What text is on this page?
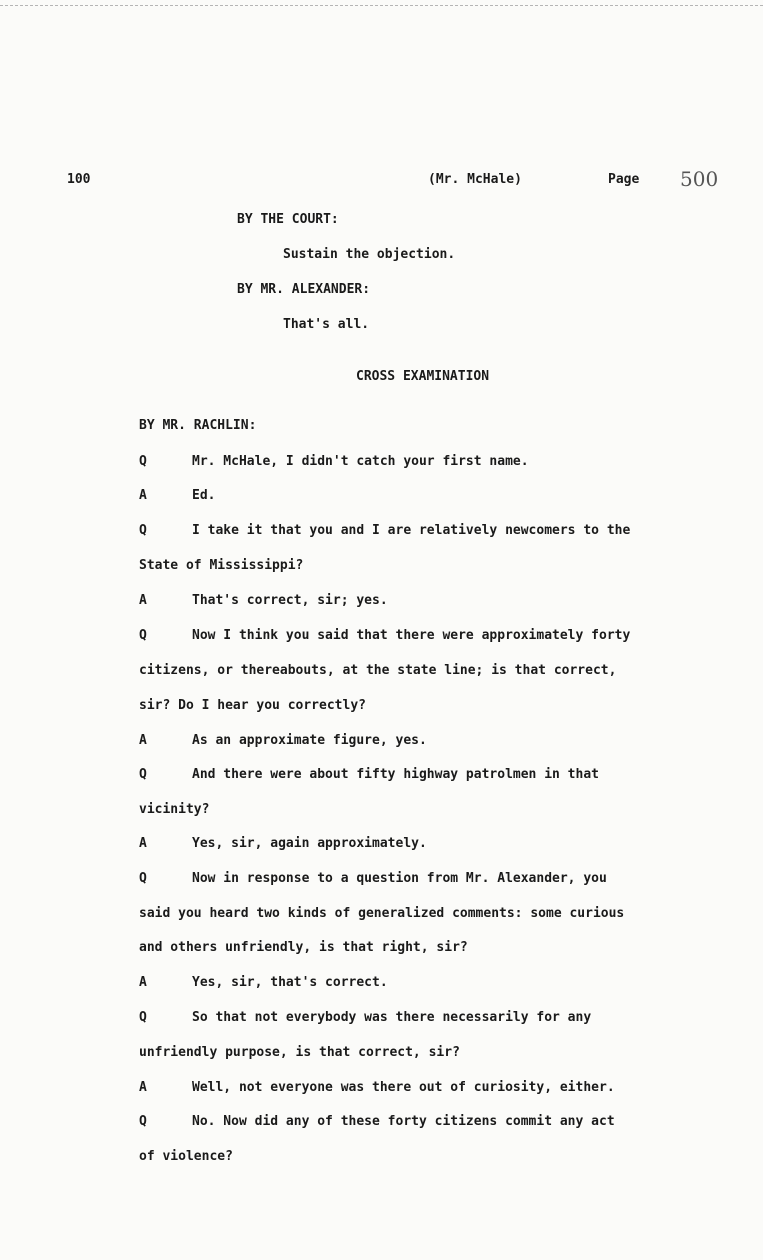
100	(Mr. McHale)	Page 500
BY THE COURT:
Sustain the objection.
BY MR. ALEXANDER:
That's all.
CROSS EXAMINATION
BY MR. RACHLIN:
Q	Mr. McHale, I didn't catch your first name.
A	Ed.
Q	I take it that you and I are relatively newcomers to the
State of Mississippi?
A	That's correct, sir; yes.
Q	Now I think you said that there were approximately forty
citizens, or thereabouts, at the state line; is that correct,
sir? Do I hear you correctly?
A	As an approximate figure, yes.
Q	And there were about fifty highway patrolmen in that
vicinity?
A	Yes, sir, again approximately.
Q	Now in response to a question from Mr. Alexander, you
said you heard two kinds of generalized comments: some curious
and others unfriendly, is that right, sir?
A	Yes, sir, that's correct.
Q	So that not everybody was there necessarily for any
unfriendly purpose, is that correct, sir?
A	Well, not everyone was there out of curiosity, either.
Q	No. Now did any of these forty citizens commit any act
of violence?
